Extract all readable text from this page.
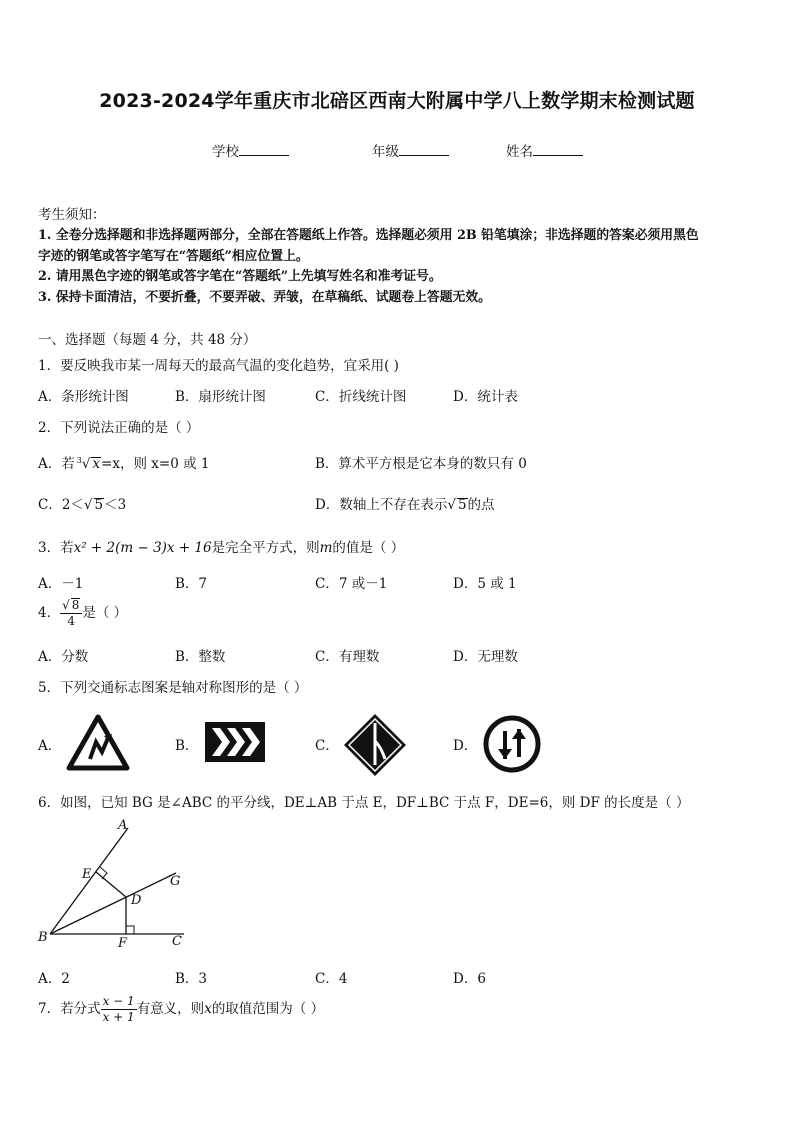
2023-2024学年重庆市北碚区西南大附属中学八上数学期末检测试题
学校	年级	姓名
考生须知：
1. 全卷分选择题和非选择题两部分，全部在答题纸上作答。选择题必须用 2B 铅笔填涂；非选择题的答案必须用黑色
字迹的钢笔或答字笔写在“答题纸”相应位置上。
2. 请用黑色字迹的钢笔或答字笔在“答题纸”上先填写姓名和准考证号。
3. 保持卡面清洁，不要折叠，不要弄破、弄皱，在草稿纸、试题卷上答题无效。
一、选择题（每题 4 分，共 48 分）
1．要反映我市某一周每天的最高气温的变化趋势，宜采用( )
A．条形统计图	B．扇形统计图	C．折线统计图	D．统计表
2．下列说法正确的是（ ）
A．若 $^3$√ x=x，则 x=0 或 1	B．算术平方根是它本身的数只有 0
C．2＜√ 5＜3	D．数轴上不存在表示√ 5的点
3．若x² + 2(m − 3)x + 16是完全平方式，则m的值是（ ）
A．－1	B．7	C．7 或－1	D．5 或 1
4． $\frac{√ 8}{4}$ 是（ ）
A．分数	B．整数	C．有理数	D．无理数
5．下列交通标志图案是轴对称图形的是（ ）
A．	B．	C．	D．
6．如图，已知 BG 是∠ABC 的平分线，DE⊥AB 于点 E，DF⊥BC 于点 F，DE=6，则 DF 的长度是（ ）
A
E	G
D
B	F	C
A．2	B．3	C．4	D．6
7．若分式 $\frac{x - 1}{x + 1}$ 有意义，则x的取值范围为（ ）
